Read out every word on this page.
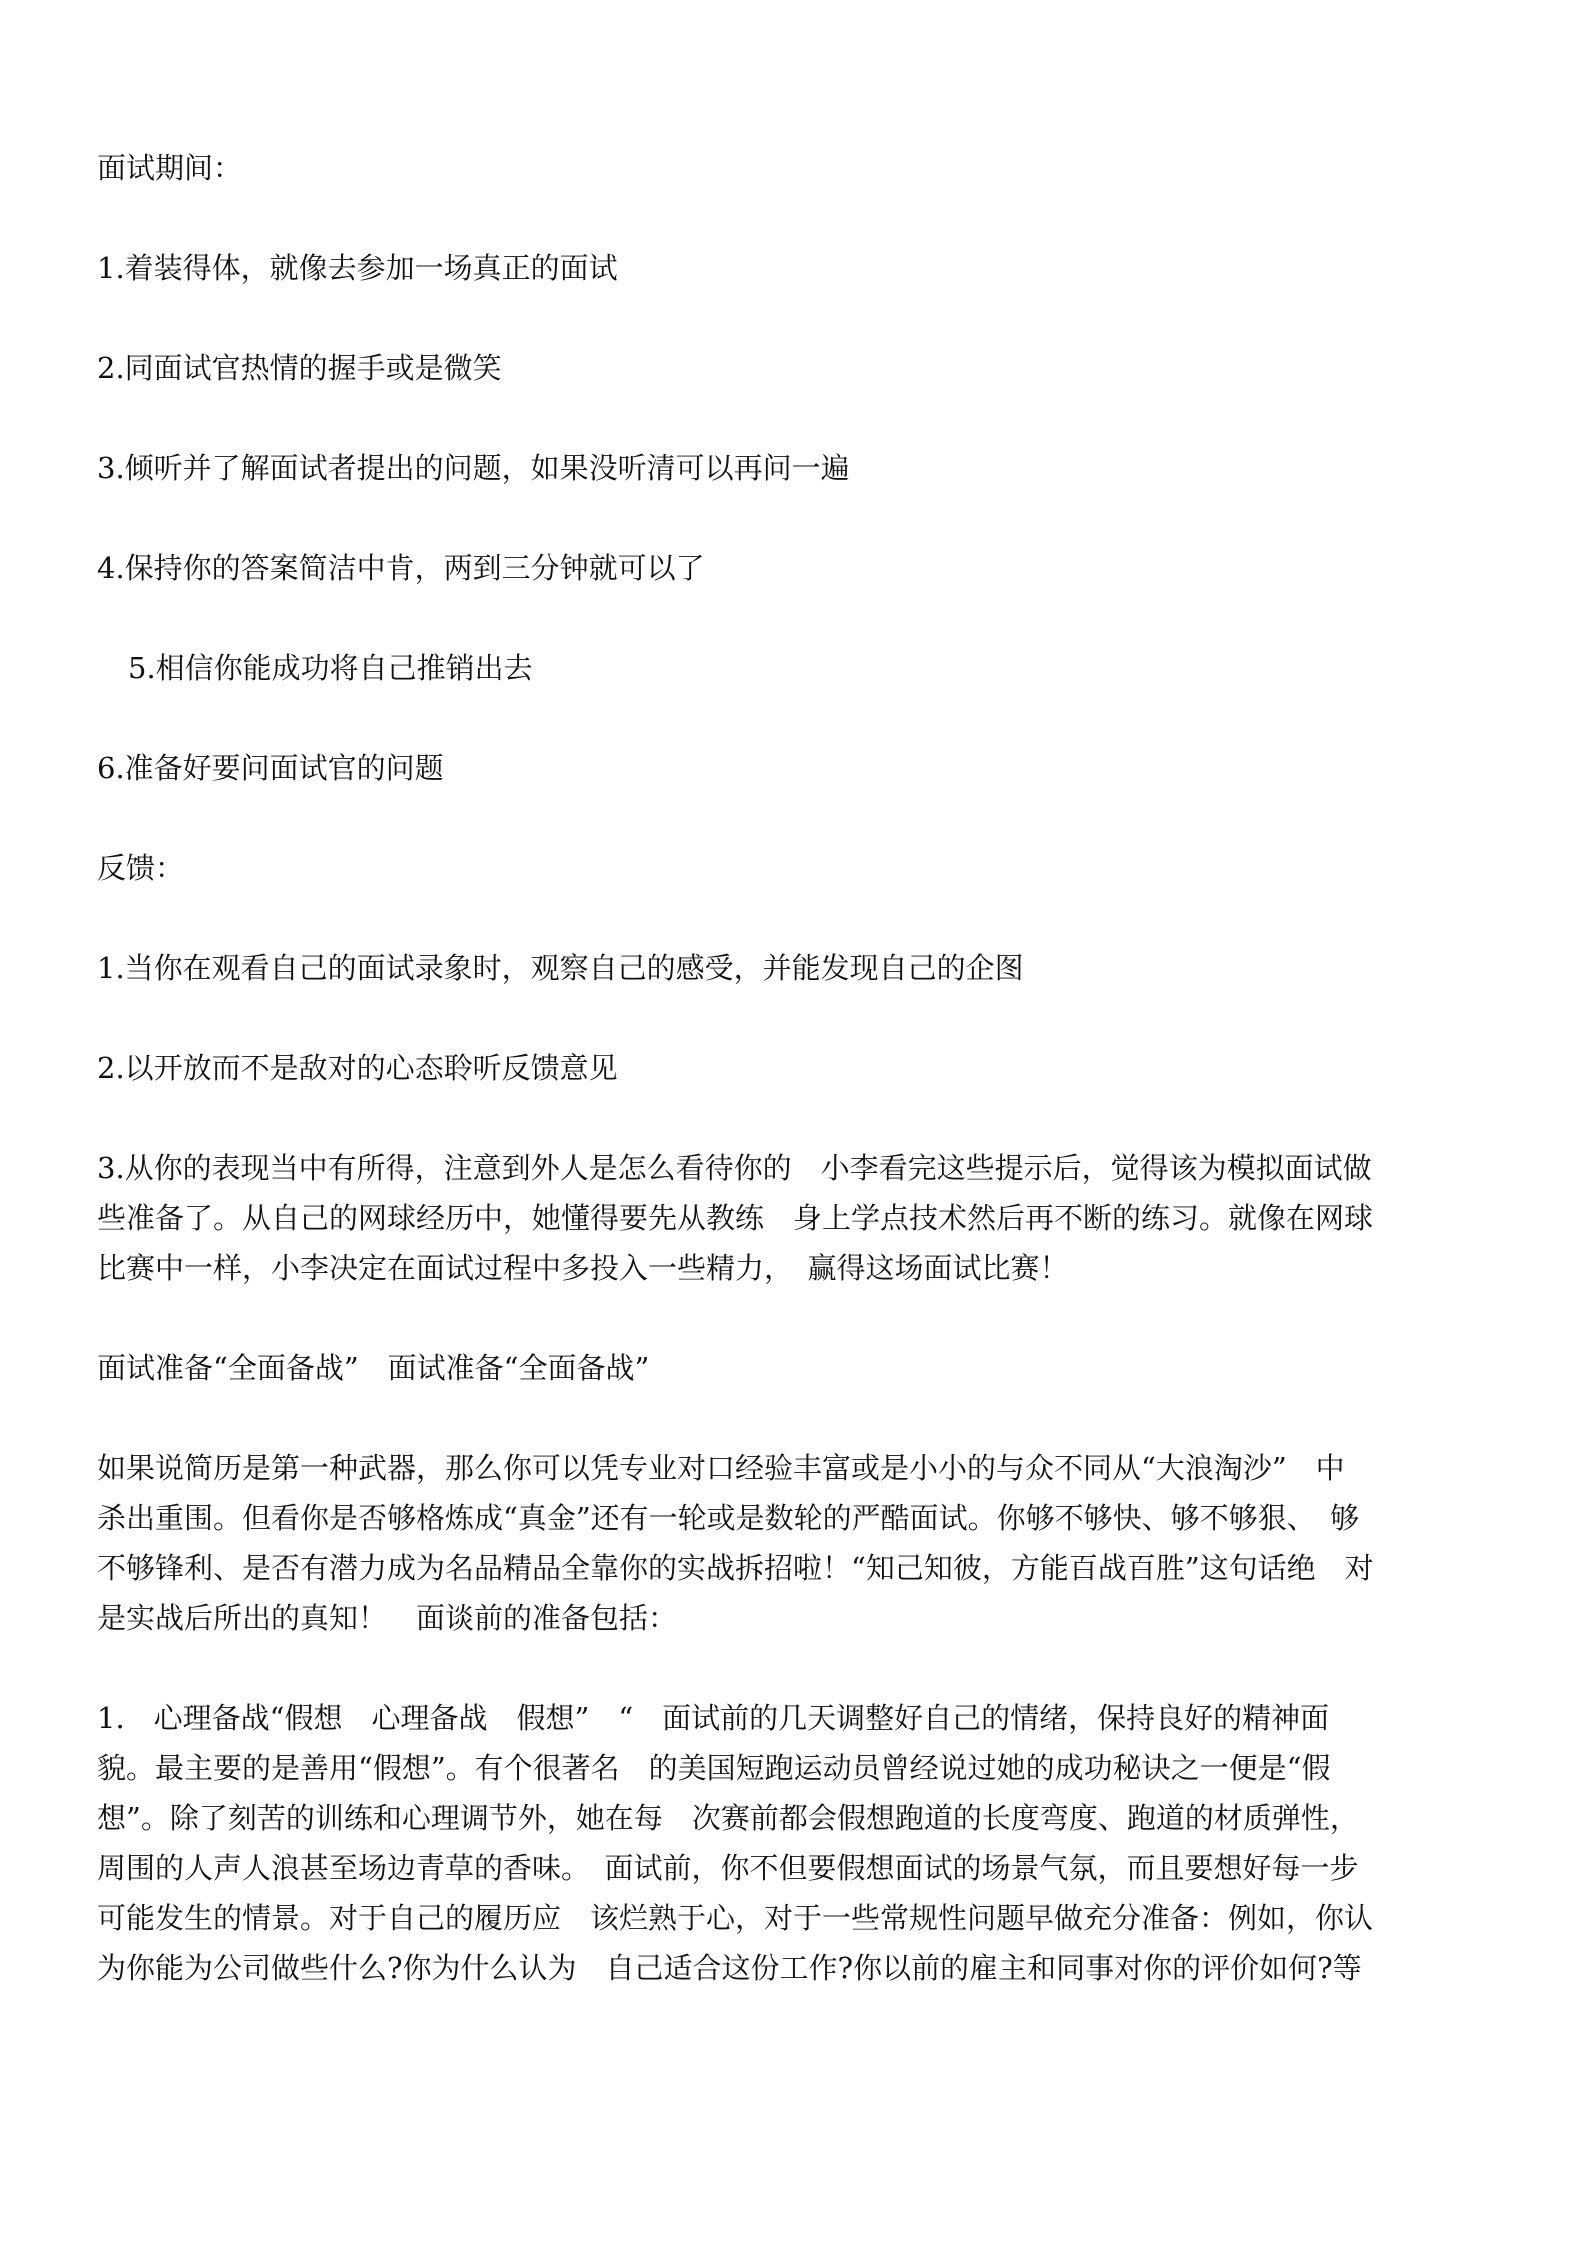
面试期间：
1.着装得体，就像去参加一场真正的面试
2.同面试官热情的握手或是微笑
3.倾听并了解面试者提出的问题，如果没听清可以再问一遍
4.保持你的答案简洁中肯，两到三分钟就可以了
5.相信你能成功将自己推销出去
6.准备好要问面试官的问题
反馈：
1.当你在观看自己的面试录象时，观察自己的感受，并能发现自己的企图
2.以开放而不是敌对的心态聆听反馈意见
3.从你的表现当中有所得，注意到外人是怎么看待你的　小李看完这些提示后，觉得该为模拟面试做
些准备了。从自己的网球经历中，她懂得要先从教练　身上学点技术然后再不断的练习。就像在网球
比赛中一样，小李决定在面试过程中多投入一些精力，　赢得这场面试比赛！
面试准备“全面备战”　面试准备“全面备战”
如果说简历是第一种武器，那么你可以凭专业对口经验丰富或是小小的与众不同从“大浪淘沙”　中
杀出重围。但看你是否够格炼成“真金”还有一轮或是数轮的严酷面试。你够不够快、够不够狠、　够
不够锋利、是否有潜力成为名品精品全靠你的实战拆招啦！“知己知彼，方能百战百胜”这句话绝　对
是实战后所出的真知！　面谈前的准备包括：
1.　心理备战“假想　心理备战　假想”　“　面试前的几天调整好自己的情绪，保持良好的精神面
貌。最主要的是善用“假想”。有个很著名　的美国短跑运动员曾经说过她的成功秘诀之一便是“假
想”。除了刻苦的训练和心理调节外，她在每　次赛前都会假想跑道的长度弯度、跑道的材质弹性，
周围的人声人浪甚至场边青草的香味。　面试前，你不但要假想面试的场景气氛，而且要想好每一步
可能发生的情景。对于自己的履历应　该烂熟于心，对于一些常规性问题早做充分准备：例如，你认
为你能为公司做些什么?你为什么认为　自己适合这份工作?你以前的雇主和同事对你的评价如何?等
